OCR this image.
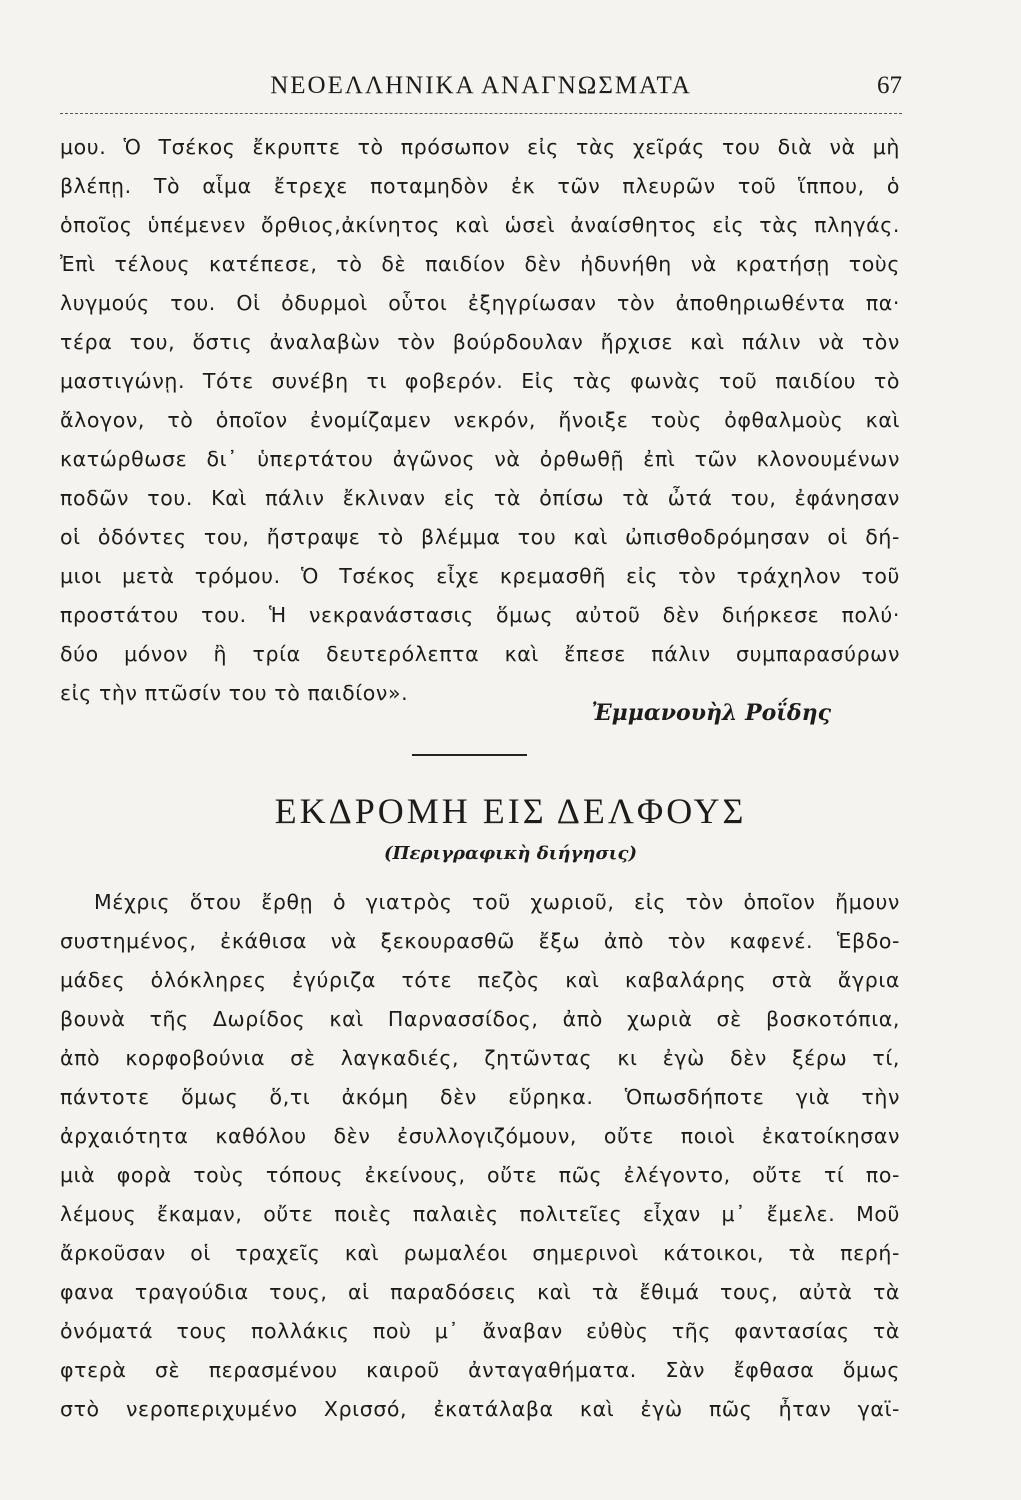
ΝΕΟΕΛΛΗΝΙΚΑ ΑΝΑΓΝΩΣΜΑΤΑ	67
μου. Ὁ Τσέκος ἔκρυπτε τὸ πρόσωπον εἰς τὰς χεῖράς του διὰ νὰ μὴ
βλέπῃ. Τὸ αἷμα ἔτρεχε ποταμηδὸν ἐκ τῶν πλευρῶν τοῦ ἵππου, ὁ
ὁποῖος ὑπέμενεν ὄρθιος,ἀκίνητος καὶ ὡσεὶ ἀναίσθητος εἰς τὰς πληγάς.
Ἐπὶ τέλους κατέπεσε, τὸ δὲ παιδίον δὲν ἠδυνήθη νὰ κρατήσῃ τοὺς
λυγμούς του. Οἱ ὀδυρμοὶ οὗτοι ἐξηγρίωσαν τὸν ἀποθηριωθέντα πα·
τέρα του, ὅστις ἀναλαβὼν τὸν βούρδουλαν ἤρχισε καὶ πάλιν νὰ τὸν
μαστιγώνῃ. Τότε συνέβη τι φοβερόν. Εἰς τὰς φωνὰς τοῦ παιδίου τὸ
ἄλογον, τὸ ὁποῖον ἐνομίζαμεν νεκρόν, ἤνοιξε τοὺς ὀφθαλμοὺς καὶ
κατώρθωσε δι᾽ ὑπερτάτου ἀγῶνος νὰ ὀρθωθῇ ἐπὶ τῶν κλονουμένων
ποδῶν του. Καὶ πάλιν ἔκλιναν εἰς τὰ ὀπίσω τὰ ὦτά του, ἐφάνησαν
οἱ ὀδόντες του, ἤστραψε τὸ βλέμμα του καὶ ὠπισθοδρόμησαν οἱ δή-
μιοι μετὰ τρόμου. Ὁ Τσέκος εἶχε κρεμασθῆ εἰς τὸν τράχηλον τοῦ
προστάτου του. Ἡ νεκρανάστασις ὅμως αὐτοῦ δὲν διήρκεσε πολύ·
δύο μόνον ἢ τρία δευτερόλεπτα καὶ ἔπεσε πάλιν συμπαρασύρων
εἰς τὴν πτῶσίν του τὸ παιδίον».
Ἐμμανουὴλ Ροΐδης
ΕΚΔΡΟΜΗ ΕΙΣ ΔΕΛΦΟΥΣ
(Περιγραφικὴ διήγησις)
Μέχρις ὅτου ἔρθῃ ὁ γιατρὸς τοῦ χωριοῦ, εἰς τὸν ὁποῖον ἤμουν
συστημένος, ἐκάθισα νὰ ξεκουρασθῶ ἔξω ἀπὸ τὸν καφενέ. Ἑβδο-
μάδες ὁλόκληρες ἐγύριζα τότε πεζὸς καὶ καβαλάρης στὰ ἄγρια
βουνὰ τῆς Δωρίδος καὶ Παρνασσίδος, ἀπὸ χωριὰ σὲ βοσκοτόπια,
ἀπὸ κορφοβούνια σὲ λαγκαδιές, ζητῶντας κι ἐγὼ δὲν ξέρω τί,
πάντοτε ὅμως ὅ,τι ἀκόμη δὲν εὕρηκα. Ὁπωσδήποτε γιὰ τὴν
ἀρχαιότητα καθόλου δὲν ἐσυλλογιζόμουν, οὔτε ποιοὶ ἐκατοίκησαν
μιὰ φορὰ τοὺς τόπους ἐκείνους, οὔτε πῶς ἐλέγοντο, οὔτε τί πο-
λέμους ἔκαμαν, οὔτε ποιὲς παλαιὲς πολιτεῖες εἶχαν μ᾽ ἔμελε. Μοῦ
ἄρκοῦσαν οἱ τραχεῖς καὶ ρωμαλέοι σημερινοὶ κάτοικοι, τὰ περή-
φανα τραγούδια τους, αἱ παραδόσεις καὶ τὰ ἔθιμά τους, αὐτὰ τὰ
ὀνόματά τους πολλάκις ποὺ μ᾽ ἄναβαν εὐθὺς τῆς φαντασίας τὰ
φτερὰ σὲ περασμένου καιροῦ ἀνταγαθήματα. Σὰν ἔφθασα ὅμως
στὸ νεροπεριχυμένο Χρισσό, ἐκατάλαβα καὶ ἐγὼ πῶς ἦταν γαϊ-
